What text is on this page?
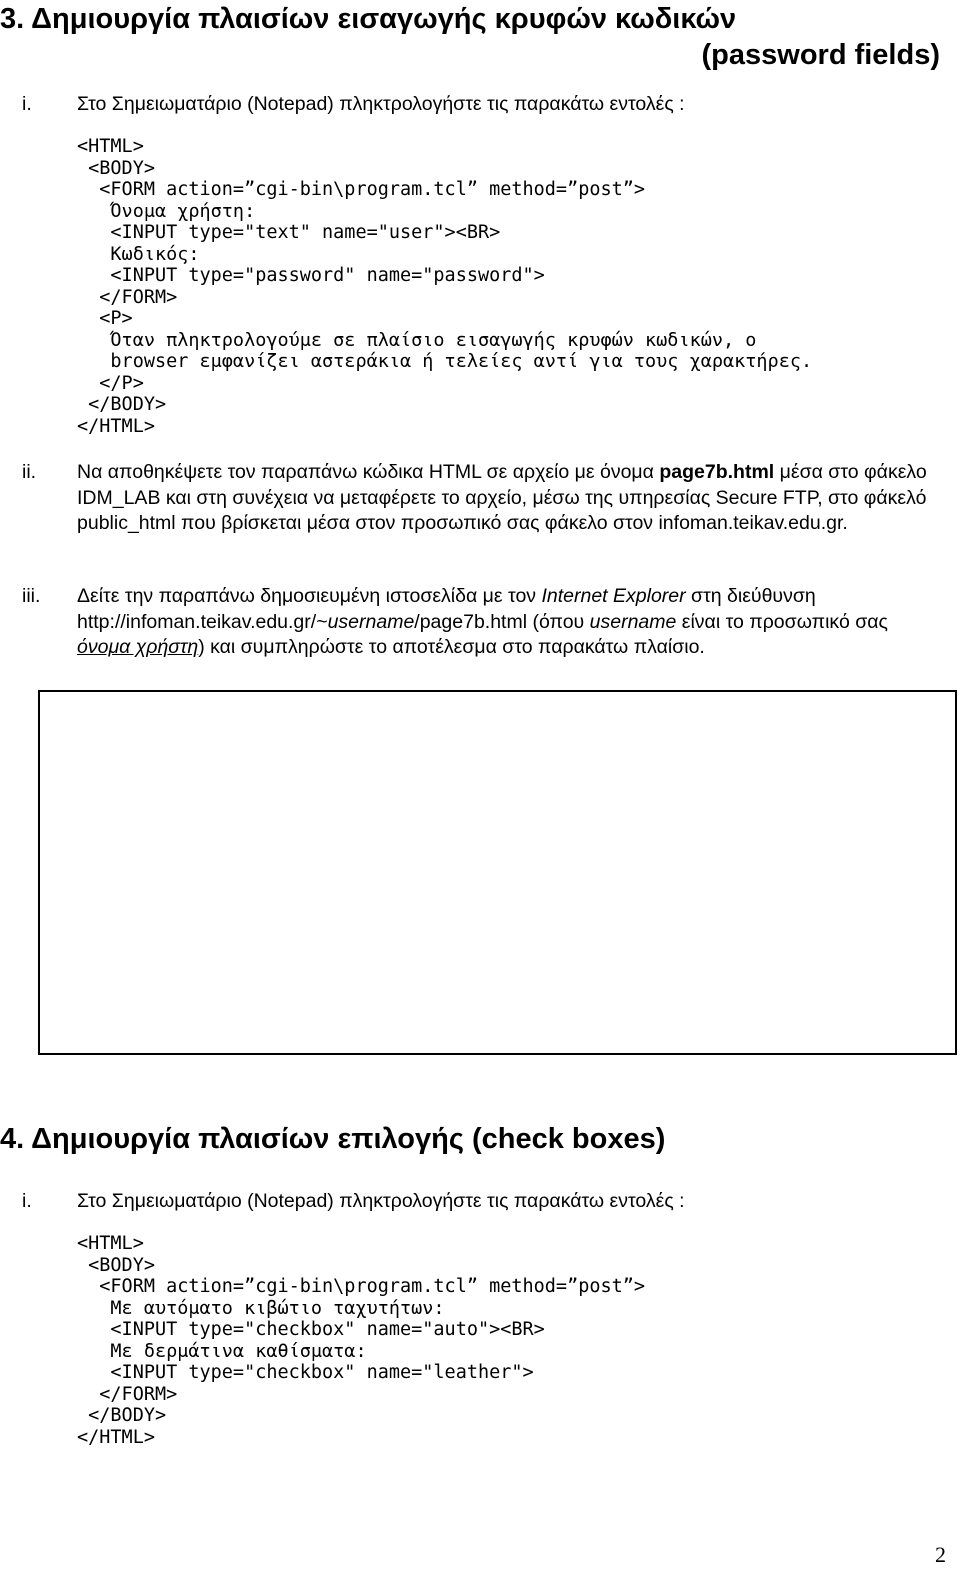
3. Δημιουργία πλαισίων εισαγωγής κρυφών κωδικών
(password fields)
i. Στο Σημειωματάριο (Notepad) πληκτρολογήστε τις παρακάτω εντολές :
<HTML>
<BODY>
<FORM action=”cgi-bin\program.tcl” method=”post”>
Όνομα χρήστη:
<INPUT type="text" name="user"><BR>
Κωδικός:
<INPUT type="password" name="password">
</FORM>
<P>
Όταν πληκτρολογούμε σε πλαίσιο εισαγωγής κρυφών κωδικών, ο
browser εμφανίζει αστεράκια ή τελείες αντί για τους χαρακτήρες.
</P>
</BODY>
</HTML>
ii. Να αποθηκέψετε τον παραπάνω κώδικα HTML σε αρχείο με όνομα page7b.html μέσα στο φάκελο IDM_LAB και στη συνέχεια να μεταφέρετε το αρχείο, μέσω της υπηρεσίας Secure FTP, στο φάκελό public_html που βρίσκεται μέσα στον προσωπικό σας φάκελο στον infoman.teikav.edu.gr.
iii. Δείτε την παραπάνω δημοσιευμένη ιστοσελίδα με τον Internet Explorer στη διεύθυνση http://infoman.teikav.edu.gr/~username/page7b.html (όπου username είναι το προσωπικό σας όνομα χρήστη) και συμπληρώστε το αποτέλεσμα στο παρακάτω πλαίσιο.
4. Δημιουργία πλαισίων επιλογής (check boxes)
i. Στο Σημειωματάριο (Notepad) πληκτρολογήστε τις παρακάτω εντολές :
<HTML>
<BODY>
<FORM action=”cgi-bin\program.tcl” method=”post”>
Με αυτόματο κιβώτιο ταχυτήτων:
<INPUT type="checkbox" name="auto"><BR>
Με δερμάτινα καθίσματα:
<INPUT type="checkbox" name="leather">
</FORM>
</BODY>
</HTML>
2
